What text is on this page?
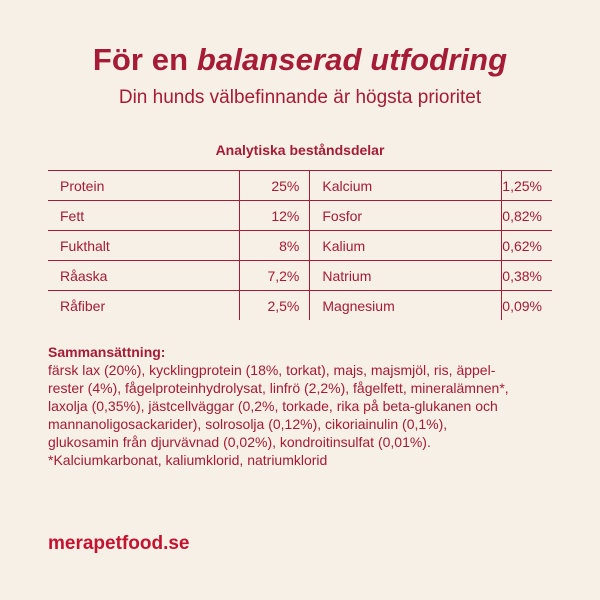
För en balanserad utfodring
Din hunds välbefinnande är högsta prioritet
Analytiska beståndsdelar
Protein	25%	Kalcium	1,25%
Fett	12%	Fosfor	0,82%
Fukthalt	8%	Kalium	0,62%
Råaska	7,2%	Natrium	0,38%
Råfiber	2,5%	Magnesium	0,09%
Sammansättning:
färsk lax (20%), kycklingprotein (18%, torkat), majs, majsmjöl, ris, äppel-
rester (4%), fågelproteinhydrolysat, linfrö (2,2%), fågelfett, mineralämnen*,
laxolja (0,35%), jästcellväggar (0,2%, torkade, rika på beta-glukanen och
mannanoligosackarider), solrosolja (0,12%), cikoriainulin (0,1%),
glukosamin från djurvävnad (0,02%), kondroitinsulfat (0,01%).
*Kalciumkarbonat, kaliumklorid, natriumklorid
merapetfood.se
